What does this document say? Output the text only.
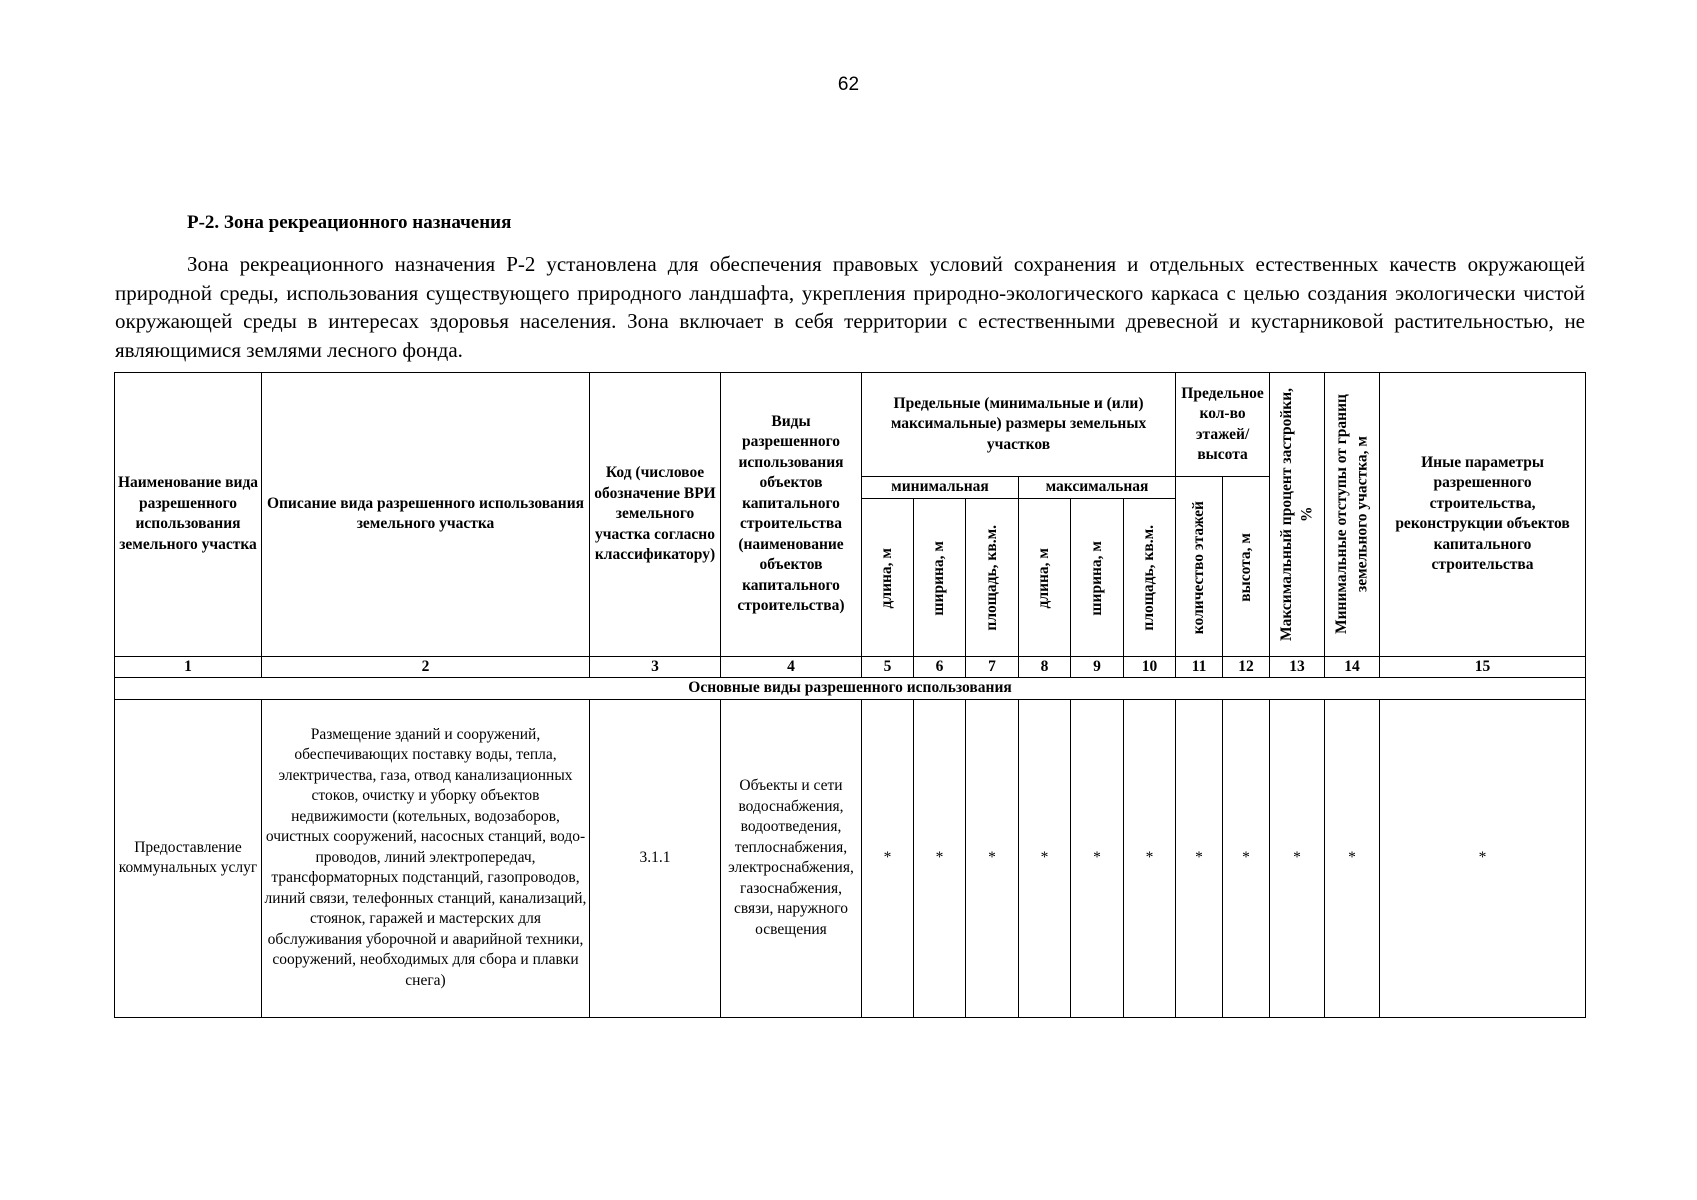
62
Р-2. Зона рекреационного назначения

Зона рекреационного назначения Р-2 установлена для обеспечения правовых условий сохранения и отдельных естественных качеств окружающей природной среды, использования существующего природного ландшафта, укрепления природно-экологического каркаса с целью создания экологически чистой окружающей среды в интересах здоровья населения. Зона включает в себя территории с естественными древесной и кустарниковой растительностью, не являющимися землями лесного фонда.

Наименование вида разрешенного использования земельного участка	Описание вида разрешенного использования земельного участка	Код (числовое обозначение ВРИ земельного участка согласно классификатору)	Виды разрешенного использования объектов капитального строительства (наименование объектов капитального строительства)	Предельные (минимальные и (или) максимальные) размеры земельных участков						Предельное кол-во этажей/ высота		Максимальный процент застройки, %	Минимальные отступы от границ земельного участка, м	Иные параметры разрешенного строительства, реконструкции объектов капитального строительства
				минимальная			максимальная			количество этажей	высота, м			

				длина, м	ширина, м	площадь, кв.м.	длина, м	ширина, м	площадь, кв.м.					

1	2	3	4	5	6	7	8	9	10	11	12	13	14	15
Основные виды разрешенного использования														
Предоставление коммунальных услуг	Размещение зданий и сооружений, обеспечивающих поставку воды, тепла, электричества, газа, отвод канализационных стоков, очистку и уборку объектов недвижимости (котельных, водозаборов, очистных сооружений, насосных станций, водо-проводов, линий электропередач, трансформаторных подстанций, газопроводов, линий связи, телефонных станций, канализаций, стоянок, гаражей и мастерских для обслуживания уборочной и аварийной техники, сооружений, необходимых для сбора и плавки снега)	3.1.1	Объекты и сети водоснабжения, водоотведения, теплоснабжения, электроснабжения, газоснабжения, связи, наружного освещения	*	*	*	*	*	*	*	*	*	*	*
